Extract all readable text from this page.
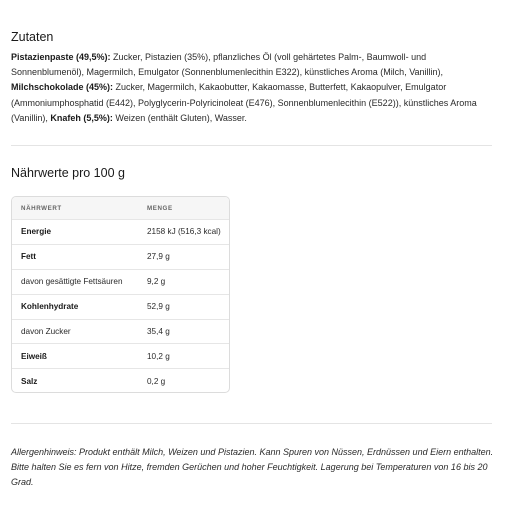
Zutaten

Pistazienpaste (49,5%): Zucker, Pistazien (35%), pflanzliches Öl (voll gehärtetes Palm-, Baumwoll- und Sonnenblumenöl), Magermilch, Emulgator (Sonnenblumenlecithin E322), künstliches Aroma (Milch, Vanillin), Milchschokolade (45%): Zucker, Magermilch, Kakaobutter, Kakaomasse, Butterfett, Kakaopulver, Emulgator (Ammoniumphosphatid (E442), Polyglycerin-Polyricinoleat (E476), Sonnenblumenlecithin (E522)), künstliches Aroma (Vanillin), Knafeh (5,5%): Weizen (enthält Gluten), Wasser.

Nährwerte pro 100 g
NÄHRWERT	MENGE
Energie	2158 kJ (516,3 kcal)
Fett	27,9 g
davon gesättigte Fettsäuren	9,2 g
Kohlenhydrate	52,9 g
davon Zucker	35,4 g
Eiweiß	10,2 g
Salz	0,2 g

Allergenhinweis: Produkt enthält Milch, Weizen und Pistazien. Kann Spuren von Nüssen, Erdnüssen und Eiern enthalten. Bitte halten Sie es fern von Hitze, fremden Gerüchen und hoher Feuchtigkeit. Lagerung bei Temperaturen von 16 bis 20 Grad.
